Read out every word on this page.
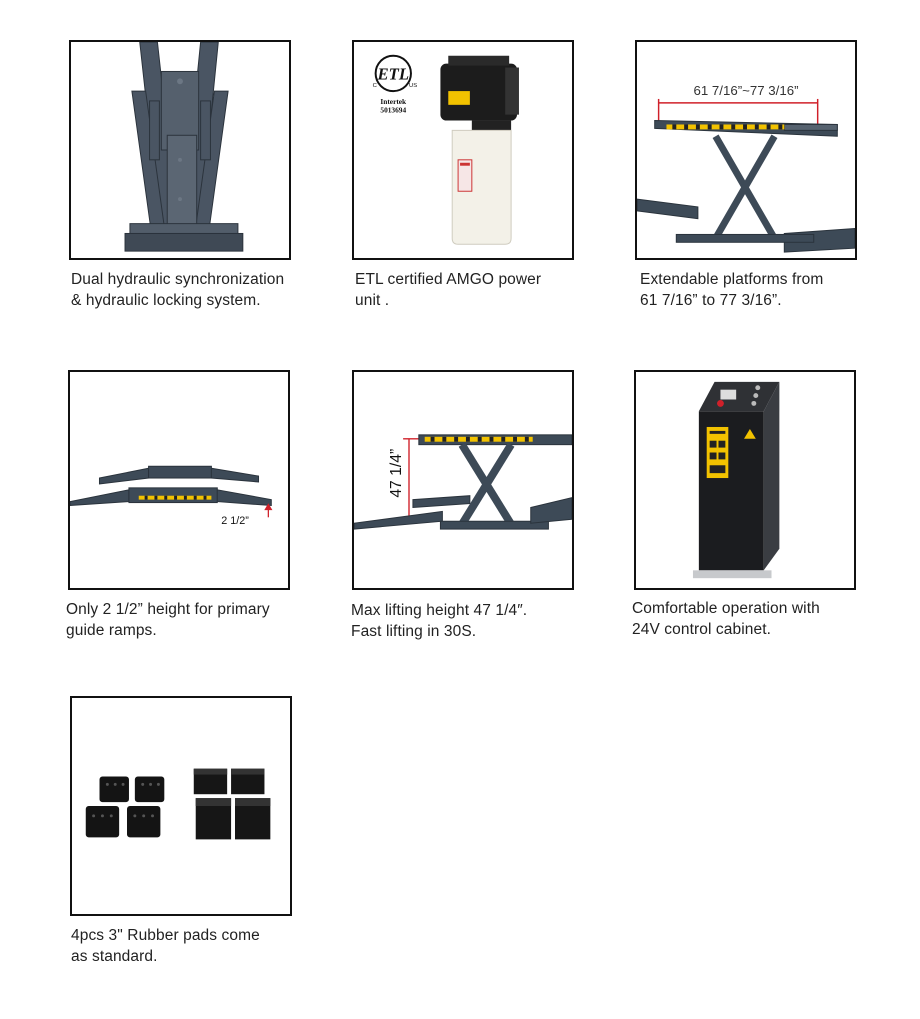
Dual hydraulic synchronization
& hydraulic locking system.
ETL
C	US
Intertek
5013694
ETL certified AMGO power
unit .
61 7/16”~77 3/16”
Extendable platforms from
61 7/16” to 77 3/16”.
2 1/2”
Only 2 1/2” height for primary
guide ramps.
47 1/4”
Max lifting height 47 1/4″.
Fast lifting in 30S.
Comfortable operation with
24V control cabinet.
4pcs 3" Rubber pads come
as standard.
